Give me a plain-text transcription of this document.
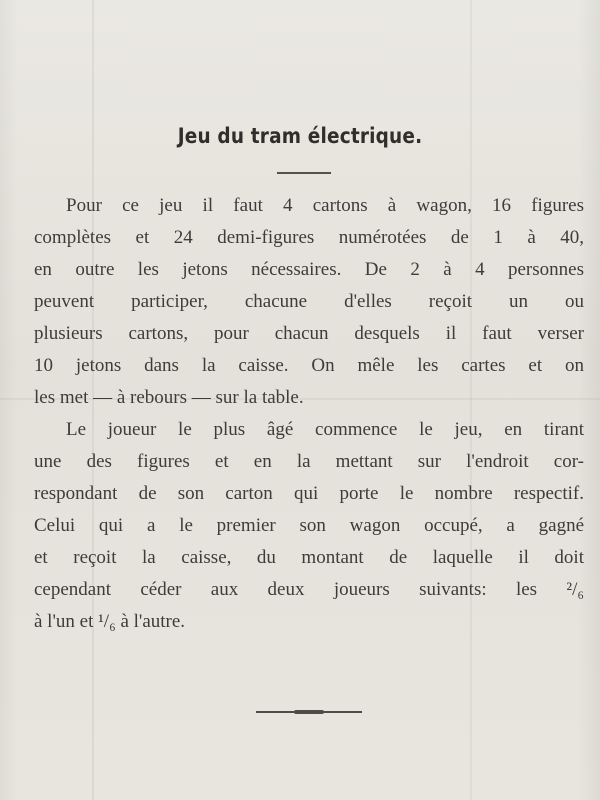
Jeu du tram électrique.
Pour ce jeu il faut 4 cartons à wagon, 16 figures
complètes et 24 demi-figures numérotées de 1 à 40,
en outre les jetons nécessaires. De 2 à 4 personnes
peuvent participer, chacune d'elles reçoit un ou
plusieurs cartons, pour chacun desquels il faut verser
10 jetons dans la caisse. On mêle les cartes et on
les met — à rebours — sur la table.
Le joueur le plus âgé commence le jeu, en tirant
une des figures et en la mettant sur l'endroit cor-
respondant de son carton qui porte le nombre respectif.
Celui qui a le premier son wagon occupé, a gagné
et reçoit la caisse, du montant de laquelle il doit
cependant céder aux deux joueurs suivants: les ²/₆
à l'un et ¹/₆ à l'autre.
